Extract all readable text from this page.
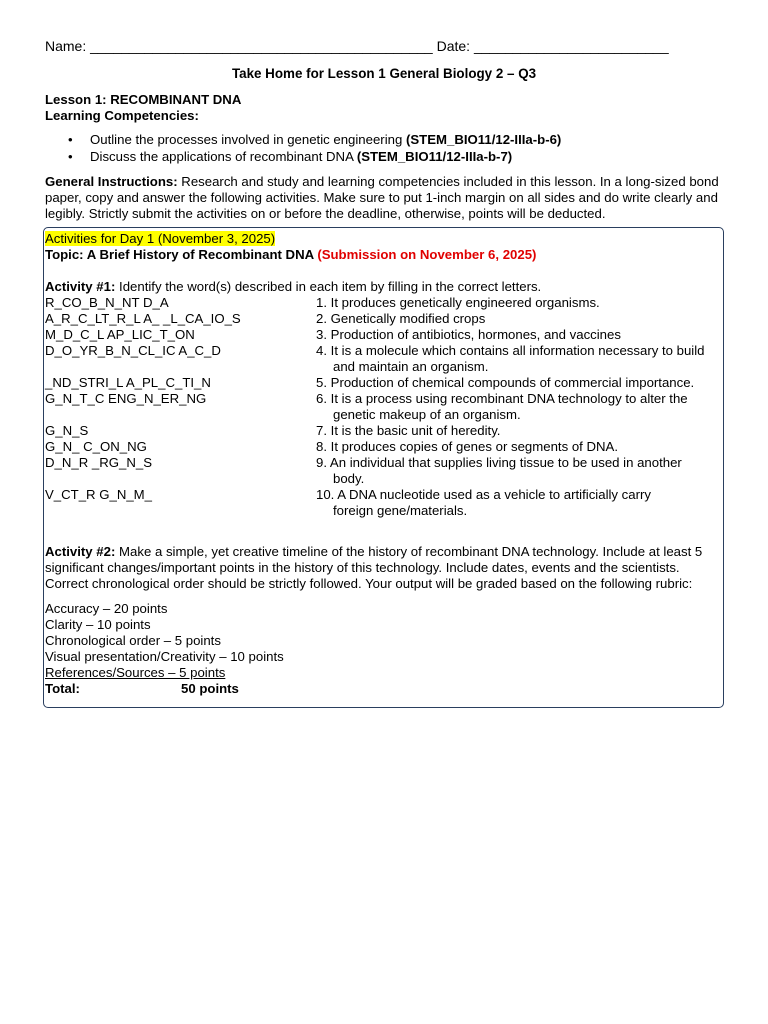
Name: ____________________________________________ Date: _________________________
Take Home for Lesson 1 General Biology 2 – Q3
Lesson 1: RECOMBINANT DNA
Learning Competencies:
• Outline the processes involved in genetic engineering (STEM_BIO11/12-IIIa-b-6)
• Discuss the applications of recombinant DNA (STEM_BIO11/12-IIIa-b-7)
General Instructions: Research and study and learning competencies included in this lesson. In a long-sized bond paper, copy and answer the following activities. Make sure to put 1-inch margin on all sides and do write clearly and legibly. Strictly submit the activities on or before the deadline, otherwise, points will be deducted.
Activities for Day 1 (November 3, 2025)
Topic: A Brief History of Recombinant DNA (Submission on November 6, 2025)
Activity #1: Identify the word(s) described in each item by filling in the correct letters.
R_CO_B_N_NT D_A	1. It produces genetically engineered organisms.
A_R_C_LT_R_L A_ _L_CA_IO_S	2. Genetically modified crops
M_D_C_L AP_LIC_T_ON	3. Production of antibiotics, hormones, and vaccines
D_O_YR_B_N_CL_IC A_C_D	4. It is a molecule which contains all information necessary to build
and maintain an organism.
_ND_STRI_L A_PL_C_TI_N	5. Production of chemical compounds of commercial importance.
G_N_T_C ENG_N_ER_NG	6. It is a process using recombinant DNA technology to alter the
genetic makeup of an organism.
G_N_S	7. It is the basic unit of heredity.
G_N_ C_ON_NG	8. It produces copies of genes or segments of DNA.
D_N_R _RG_N_S	9. An individual that supplies living tissue to be used in another
body.
V_CT_R G_N_M_	10. A DNA nucleotide used as a vehicle to artificially carry
foreign gene/materials.
Activity #2: Make a simple, yet creative timeline of the history of recombinant DNA technology. Include at least 5 significant changes/important points in the history of this technology. Include dates, events and the scientists. Correct chronological order should be strictly followed. Your output will be graded based on the following rubric:
Accuracy – 20 points
Clarity – 10 points
Chronological order – 5 points
Visual presentation/Creativity – 10 points
References/Sources – 5 points
Total:	50 points
